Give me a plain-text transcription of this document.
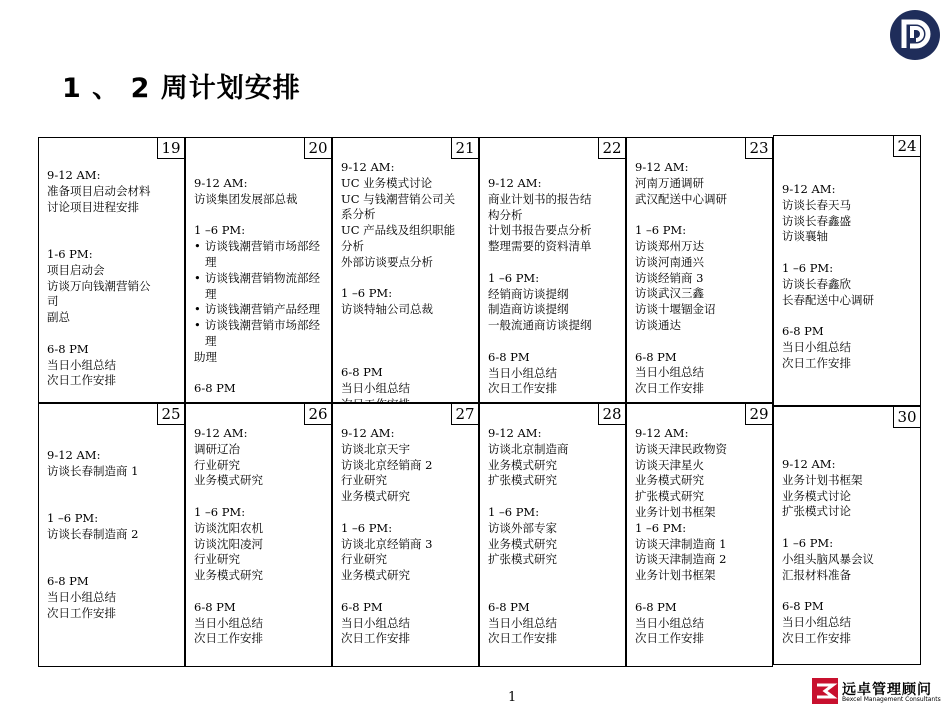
1 、 2 周计划安排
19
9-12 AM:
准备项目启动会材料
讨论项目进程安排
1-6 PM:
项目启动会
访谈万向钱潮营销公
司
副总
6-8 PM
当日小组总结
次日工作安排
20
9-12 AM:
访谈集团发展部总裁
1 –6 PM:
• 访谈钱潮营销市场部经理
• 访谈钱潮营销物流部经理
• 访谈钱潮营销产品经理
• 访谈钱潮营销市场部经理
助理
6-8 PM
21
9-12 AM:
UC 业务模式讨论
UC 与钱潮营销公司关
系分析
UC 产品线及组织职能
分析
外部访谈要点分析
1 –6 PM:
访谈特轴公司总裁
6-8 PM
当日小组总结
22
9-12 AM:
商业计划书的报告结
构分析
计划书报告要点分析
整理需要的资料清单
1 –6 PM:
经销商访谈提纲
制造商访谈提纲
一般流通商访谈提纲
6-8 PM
当日小组总结
次日工作安排
23
9-12 AM:
河南万通调研
武汉配送中心调研
1 –6 PM:
访谈郑州万达
访谈河南通兴
访谈经销商 3
访谈武汉三鑫
访谈十堰锢金诏
访谈通达
6-8 PM
当日小组总结
次日工作安排
24
9-12 AM:
访谈长春天马
访谈长春鑫盛
访谈襄轴
1 –6 PM:
访谈长春鑫欣
长春配送中心调研
6-8 PM
当日小组总结
次日工作安排
25
9-12 AM:
访谈长春制造商 1
1 –6 PM:
访谈长春制造商 2
6-8 PM
当日小组总结
次日工作安排
26
9-12 AM:
调研辽冶
行业研究
业务模式研究
1 –6 PM:
访谈沈阳农机
访谈沈阳凌河
行业研究
业务模式研究
6-8 PM
当日小组总结
次日工作安排
27
9-12 AM:
访谈北京天宇
访谈北京经销商 2
行业研究
业务模式研究
1 –6 PM:
访谈北京经销商 3
行业研究
业务模式研究
6-8 PM
当日小组总结
次日工作安排
28
9-12 AM:
访谈北京制造商
业务模式研究
扩张模式研究
1 –6 PM:
访谈外部专家
业务模式研究
扩张模式研究
6-8 PM
当日小组总结
次日工作安排
29
9-12 AM:
访谈天津民政物资
访谈天津星火
业务模式研究
扩张模式研究
业务计划书框架
1 –6 PM:
访谈天津制造商 1
访谈天津制造商 2
业务计划书框架
6-8 PM
当日小组总结
次日工作安排
30
9-12 AM:
业务计划书框架
业务模式讨论
扩张模式讨论
1 –6 PM:
小组头脑风暴会议
汇报材料准备
6-8 PM
当日小组总结
次日工作安排
1	远卓管理顾问
Bexcel Management Consultants
